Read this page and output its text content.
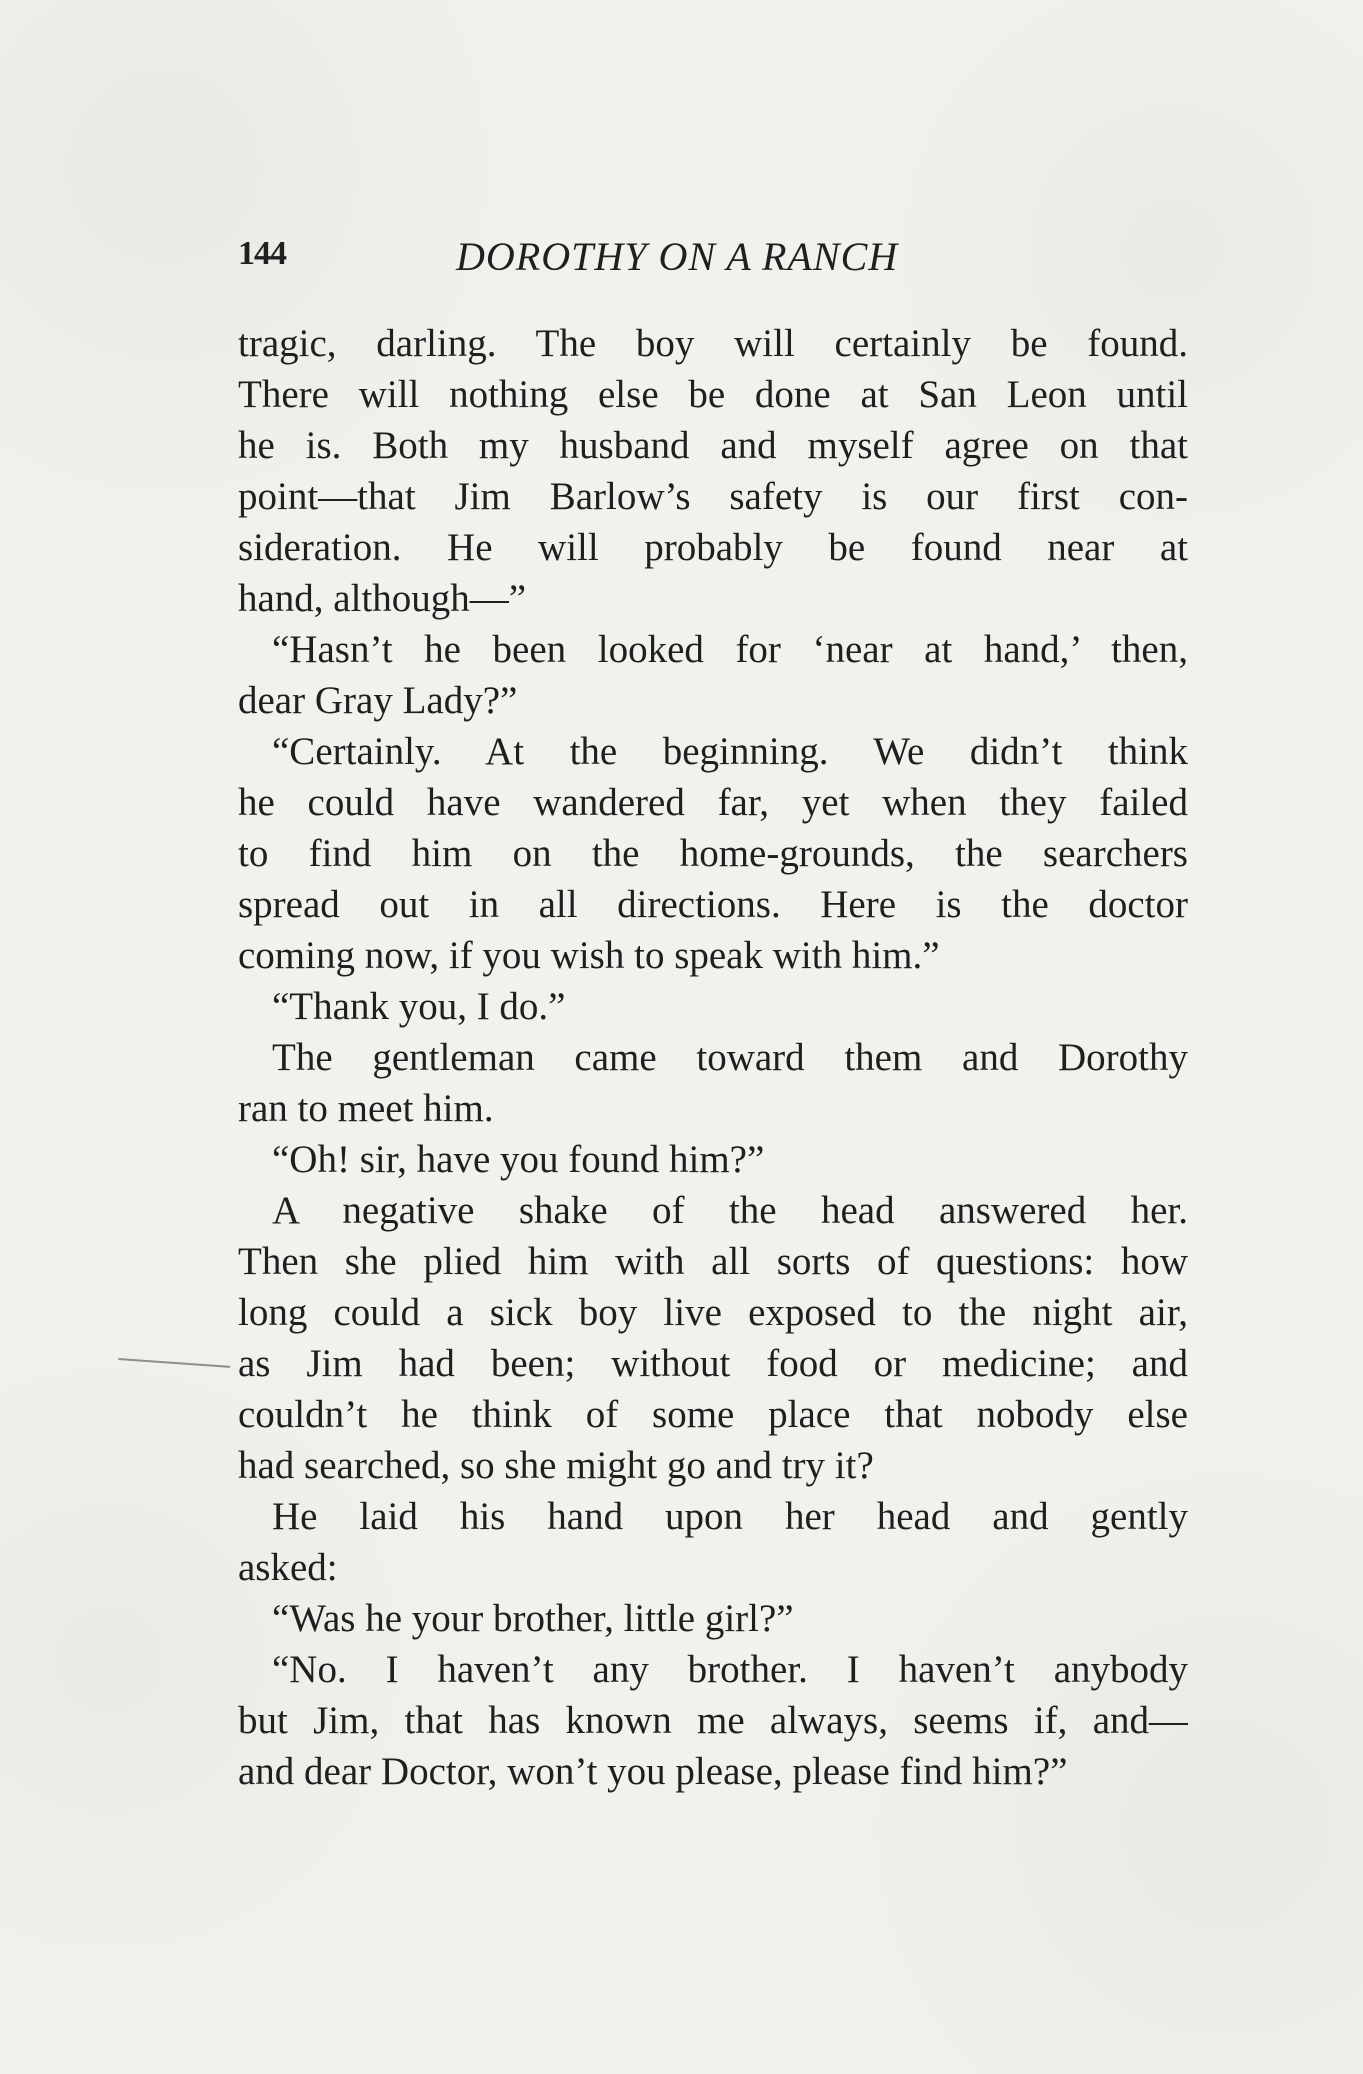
144	DOROTHY ON A RANCH
tragic, darling. The boy will certainly be found.
There will nothing else be done at San Leon until
he is. Both my husband and myself agree on that
point—that Jim Barlow’s safety is our first con-
sideration. He will probably be found near at
hand, although—”
“Hasn’t he been looked for ‘near at hand,’ then,
dear Gray Lady?”
“Certainly. At the beginning. We didn’t think
he could have wandered far, yet when they failed
to find him on the home-grounds, the searchers
spread out in all directions. Here is the doctor
coming now, if you wish to speak with him.”
“Thank you, I do.”
The gentleman came toward them and Dorothy
ran to meet him.
“Oh! sir, have you found him?”
A negative shake of the head answered her.
Then she plied him with all sorts of questions: how
long could a sick boy live exposed to the night air,
as Jim had been; without food or medicine; and
couldn’t he think of some place that nobody else
had searched, so she might go and try it?
He laid his hand upon her head and gently
asked:
“Was he your brother, little girl?”
“No. I haven’t any brother. I haven’t anybody
but Jim, that has known me always, seems if, and—
and dear Doctor, won’t you please, please find him?”
